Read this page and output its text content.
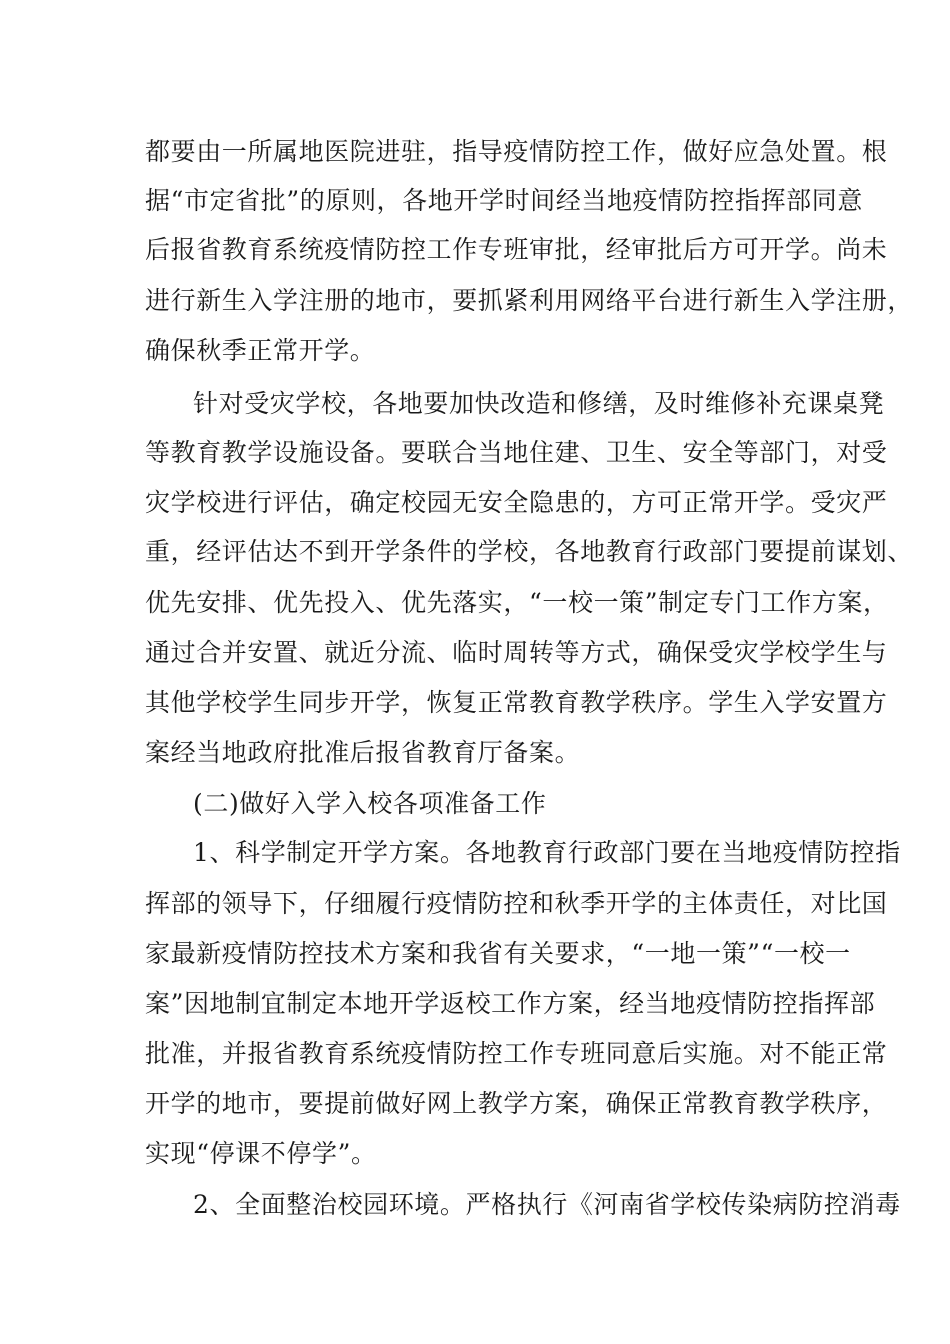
都要由一所属地医院进驻，指导疫情防控工作，做好应急处置。根
据“市定省批”的原则，各地开学时间经当地疫情防控指挥部同意
后报省教育系统疫情防控工作专班审批，经审批后方可开学。尚未
进行新生入学注册的地市，要抓紧利用网络平台进行新生入学注册，
确保秋季正常开学。
针对受灾学校，各地要加快改造和修缮，及时维修补充课桌凳
等教育教学设施设备。要联合当地住建、卫生、安全等部门，对受
灾学校进行评估，确定校园无安全隐患的，方可正常开学。受灾严
重，经评估达不到开学条件的学校，各地教育行政部门要提前谋划、
优先安排、优先投入、优先落实，“一校一策”制定专门工作方案，
通过合并安置、就近分流、临时周转等方式，确保受灾学校学生与
其他学校学生同步开学，恢复正常教育教学秩序。学生入学安置方
案经当地政府批准后报省教育厅备案。
(二)做好入学入校各项准备工作
1、科学制定开学方案。各地教育行政部门要在当地疫情防控指
挥部的领导下，仔细履行疫情防控和秋季开学的主体责任，对比国
家最新疫情防控技术方案和我省有关要求，“一地一策”“一校一
案”因地制宜制定本地开学返校工作方案，经当地疫情防控指挥部
批准，并报省教育系统疫情防控工作专班同意后实施。对不能正常
开学的地市，要提前做好网上教学方案，确保正常教育教学秩序，
实现“停课不停学”。
2、全面整治校园环境。严格执行《河南省学校传染病防控消毒
